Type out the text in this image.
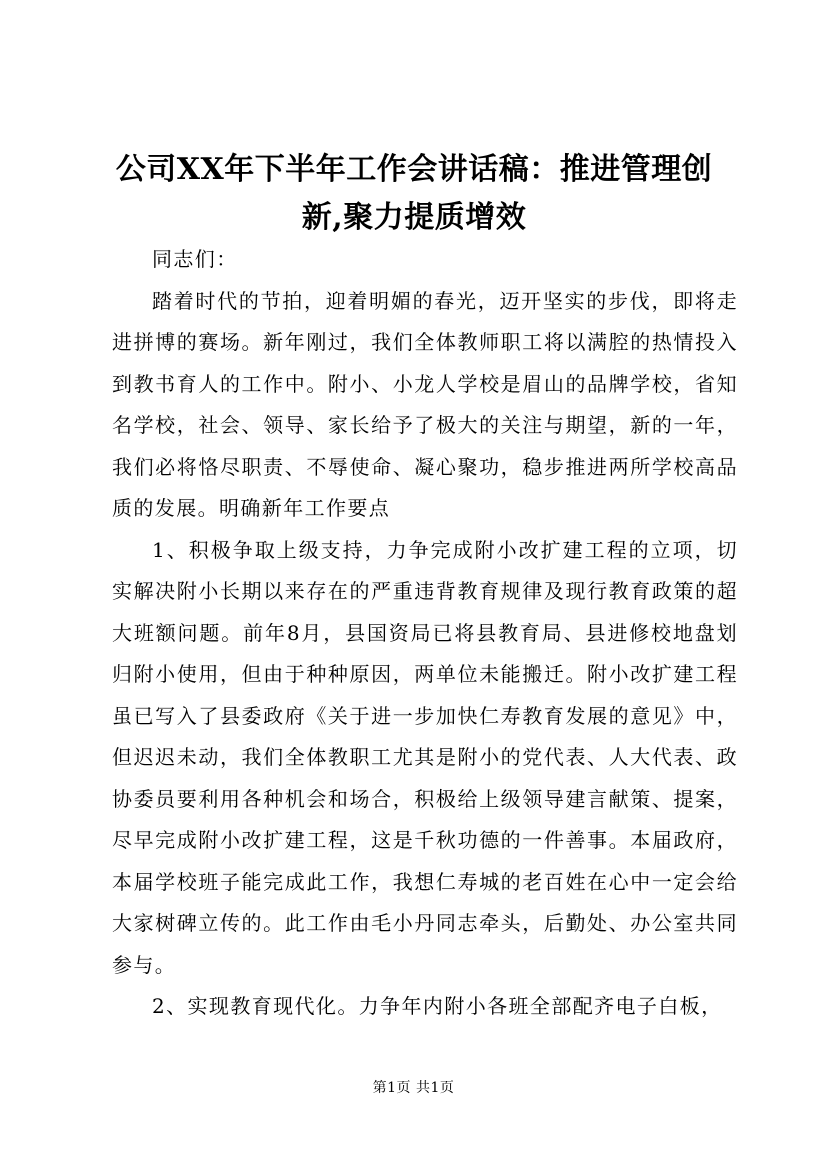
公司XX年下半年工作会讲话稿：推进管理创新,聚力提质增效

同志们：

踏着时代的节拍，迎着明媚的春光，迈开坚实的步伐，即将走进拼博的赛场。新年刚过，我们全体教师职工将以满腔的热情投入到教书育人的工作中。附小、小龙人学校是眉山的品牌学校，省知名学校，社会、领导、家长给予了极大的关注与期望，新的一年，我们必将恪尽职责、不辱使命、凝心聚功，稳步推进两所学校高品质的发展。明确新年工作要点

1、积极争取上级支持，力争完成附小改扩建工程的立项，切实解决附小长期以来存在的严重违背教育规律及现行教育政策的超大班额问题。前年8月，县国资局已将县教育局、县进修校地盘划归附小使用，但由于种种原因，两单位未能搬迁。附小改扩建工程虽已写入了县委政府《关于进一步加快仁寿教育发展的意见》中，但迟迟未动，我们全体教职工尤其是附小的党代表、人大代表、政协委员要利用各种机会和场合，积极给上级领导建言献策、提案，尽早完成附小改扩建工程，这是千秋功德的一件善事。本届政府，本届学校班子能完成此工作，我想仁寿城的老百姓在心中一定会给大家树碑立传的。此工作由毛小丹同志牵头，后勤处、办公室共同参与。

2、实现教育现代化。力争年内附小各班全部配齐电子白板，

第1页 共1页
